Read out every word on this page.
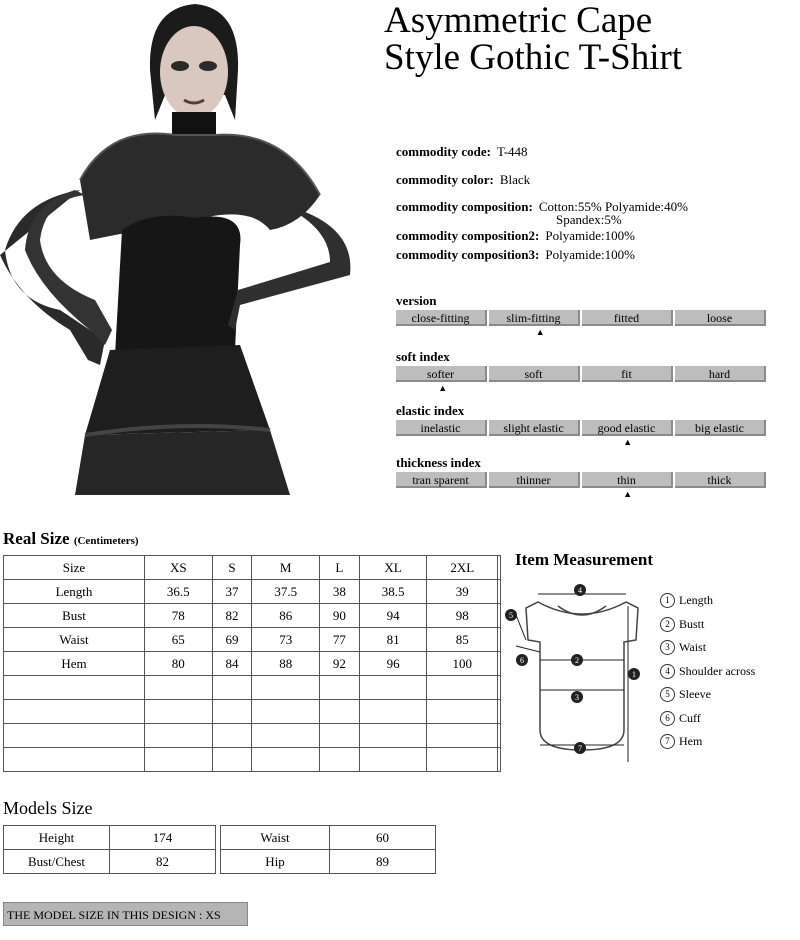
Asymmetric Cape
Style Gothic T-Shirt
commodity code: T-448
commodity color: Black
commodity composition: Cotton:55% Polyamide:40%
Spandex:5%
commodity composition2: Polyamide:100%
commodity composition3: Polyamide:100%
version
close-fitting	slim-fitting	fitted	loose
▲
soft index
softer	soft	fit	hard
▲
elastic index
inelastic	slight elastic	good elastic	big elastic
▲
thickness index
tran sparent	thinner	thin	thick
▲
Real Size (Centimeters)
Size	XS	S	M	L	XL	2XL	
Length	36.5	37	37.5	38	38.5	39	
Bust	78	82	86	90	94	98	
Waist	65	69	73	77	81	85	
Hem	80	84	88	92	96	100	

Item Measurement
4
2
3
7
1
5
6
1 Length
2 Bustt
3 Waist
4 Shoulder across
5 Sleeve
6 Cuff
7 Hem
Models Size
Height	174
Bust/Chest	82
Waist	60
Hip	89
THE MODEL SIZE IN THIS DESIGN : XS
